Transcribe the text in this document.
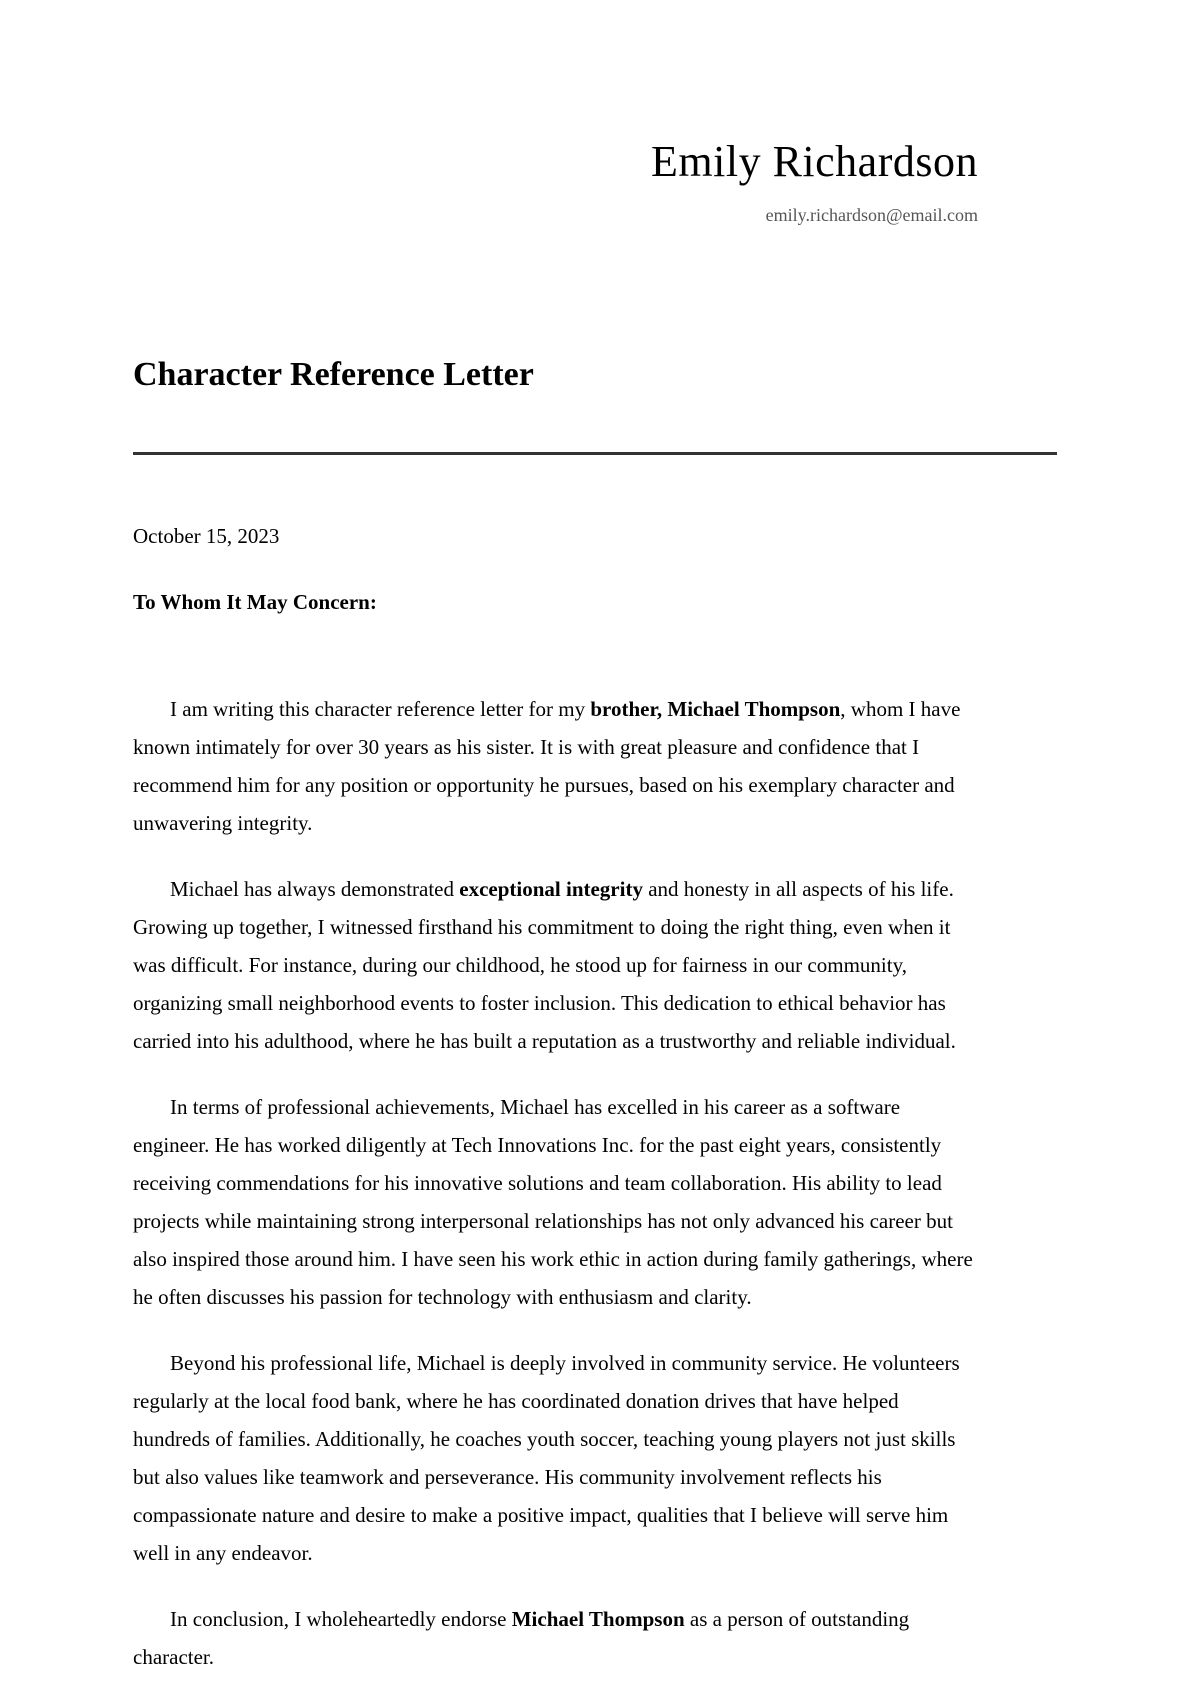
Emily Richardson

emily.richardson@email.com

Character Reference Letter

October 15, 2023

To Whom It May Concern:

I am writing this character reference letter for my brother, Michael Thompson, whom I have known intimately for over 30 years as his sister. It is with great pleasure and confidence that I recommend him for any position or opportunity he pursues, based on his exemplary character and unwavering integrity.

Michael has always demonstrated exceptional integrity and honesty in all aspects of his life. Growing up together, I witnessed firsthand his commitment to doing the right thing, even when it was difficult. For instance, during our childhood, he stood up for fairness in our community, organizing small neighborhood events to foster inclusion. This dedication to ethical behavior has carried into his adulthood, where he has built a reputation as a trustworthy and reliable individual.

In terms of professional achievements, Michael has excelled in his career as a software engineer. He has worked diligently at Tech Innovations Inc. for the past eight years, consistently receiving commendations for his innovative solutions and team collaboration. His ability to lead projects while maintaining strong interpersonal relationships has not only advanced his career but also inspired those around him. I have seen his work ethic in action during family gatherings, where he often discusses his passion for technology with enthusiasm and clarity.

Beyond his professional life, Michael is deeply involved in community service. He volunteers regularly at the local food bank, where he has coordinated donation drives that have helped hundreds of families. Additionally, he coaches youth soccer, teaching young players not just skills but also values like teamwork and perseverance. His community involvement reflects his compassionate nature and desire to make a positive impact, qualities that I believe will serve him well in any endeavor.

In conclusion, I wholeheartedly endorse Michael Thompson as a person of outstanding character.
